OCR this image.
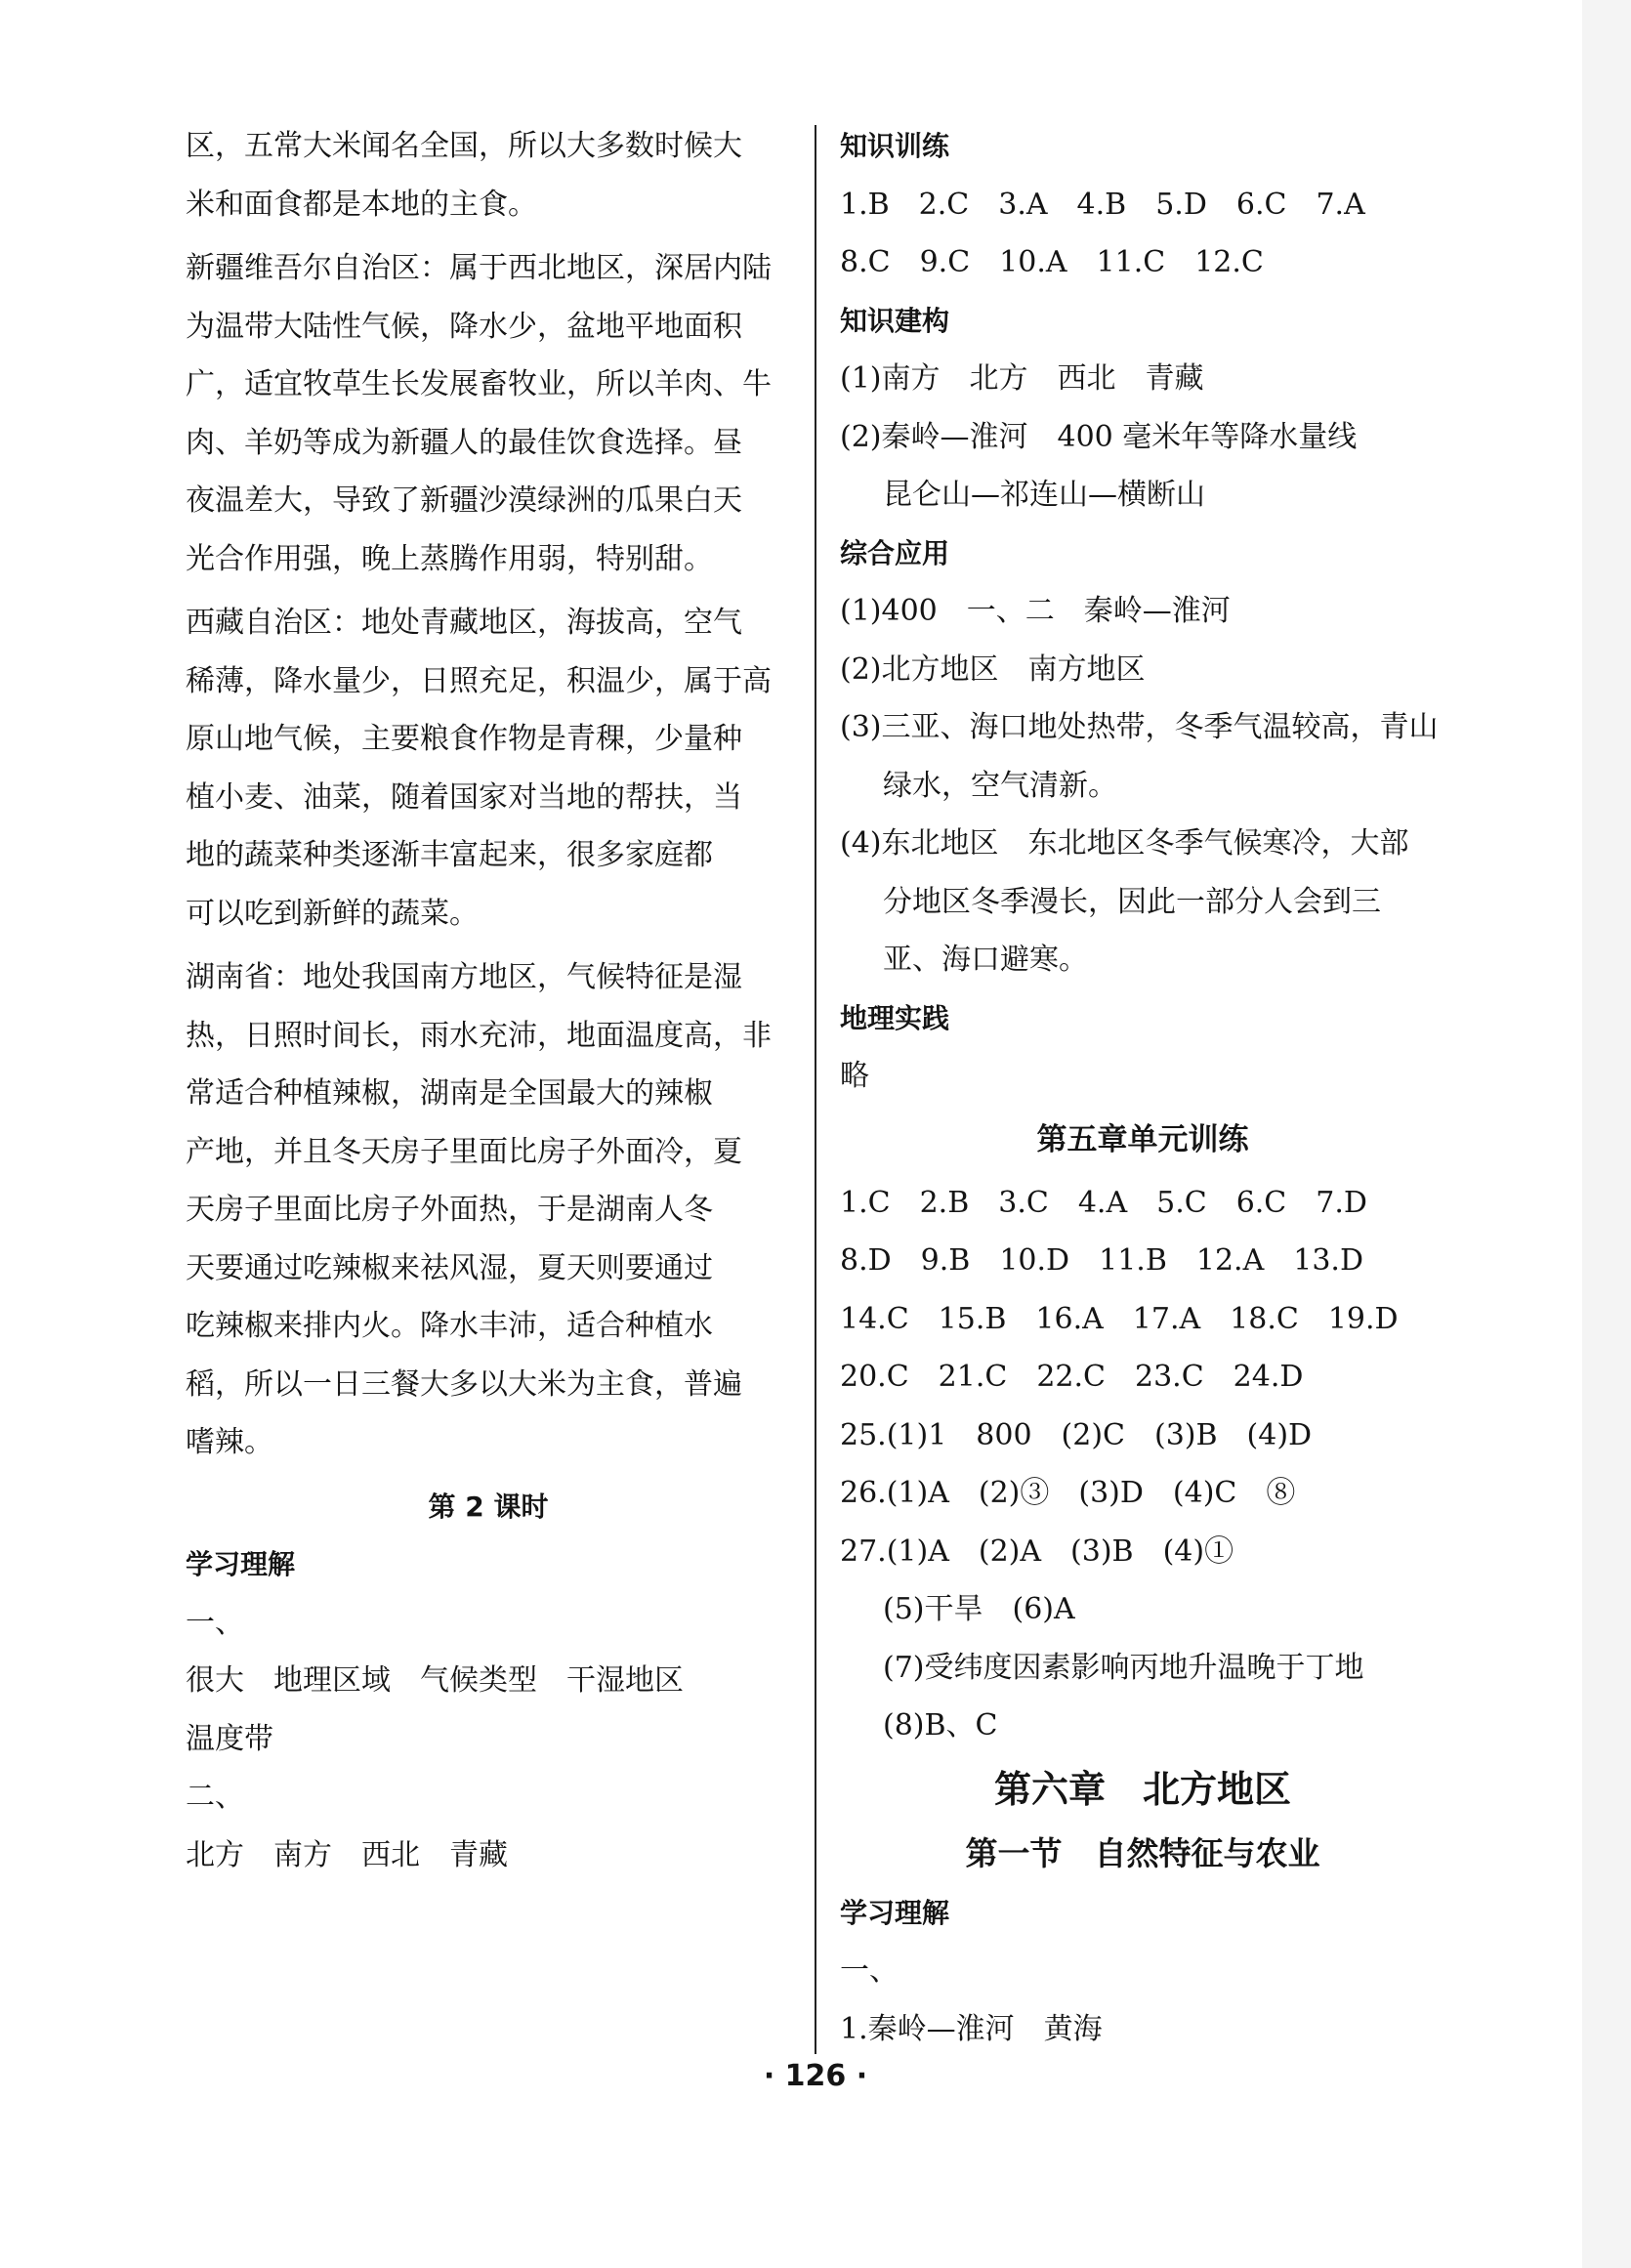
区，五常大米闻名全国，所以大多数时候大

米和面食都是本地的主食。

新疆维吾尔自治区：属于西北地区，深居内陆

为温带大陆性气候，降水少，盆地平地面积

广，适宜牧草生长发展畜牧业，所以羊肉、牛

肉、羊奶等成为新疆人的最佳饮食选择。昼

夜温差大，导致了新疆沙漠绿洲的瓜果白天

光合作用强，晚上蒸腾作用弱，特别甜。

西藏自治区：地处青藏地区，海拔高，空气

稀薄，降水量少，日照充足，积温少，属于高

原山地气候，主要粮食作物是青稞，少量种

植小麦、油菜，随着国家对当地的帮扶，当

地的蔬菜种类逐渐丰富起来，很多家庭都

可以吃到新鲜的蔬菜。

湖南省：地处我国南方地区，气候特征是湿

热，日照时间长，雨水充沛，地面温度高，非

常适合种植辣椒，湖南是全国最大的辣椒

产地，并且冬天房子里面比房子外面冷，夏

天房子里面比房子外面热，于是湖南人冬

天要通过吃辣椒来祛风湿，夏天则要通过

吃辣椒来排内火。降水丰沛，适合种植水

稻，所以一日三餐大多以大米为主食，普遍

嗜辣。

第 2 课时

学习理解

一、

很大　地理区域　气候类型　干湿地区

温度带

二、

北方　南方　西北　青藏

知识训练

1.B　2.C　3.A　4.B　5.D　6.C　7.A

8.C　9.C　10.A　11.C　12.C

知识建构

(1)南方　北方　西北　青藏

(2)秦岭—淮河　400 毫米年等降水量线

昆仑山—祁连山—横断山

综合应用

(1)400　一、二　秦岭—淮河

(2)北方地区　南方地区

(3)三亚、海口地处热带，冬季气温较高，青山

绿水，空气清新。

(4)东北地区　东北地区冬季气候寒冷，大部

分地区冬季漫长，因此一部分人会到三

亚、海口避寒。

地理实践

略

第五章单元训练

1.C　2.B　3.C　4.A　5.C　6.C　7.D

8.D　9.B　10.D　11.B　12.A　13.D

14.C　15.B　16.A　17.A　18.C　19.D

20.C　21.C　22.C　23.C　24.D

25.(1)1　800　(2)C　(3)B　(4)D

26.(1)A　(2)③　(3)D　(4)C　⑧

27.(1)A　(2)A　(3)B　(4)①

(5)干旱　(6)A

(7)受纬度因素影响丙地升温晚于丁地

(8)B、C

第六章　北方地区

第一节　自然特征与农业

学习理解

一、

1.秦岭—淮河　黄海

· 126 ·
